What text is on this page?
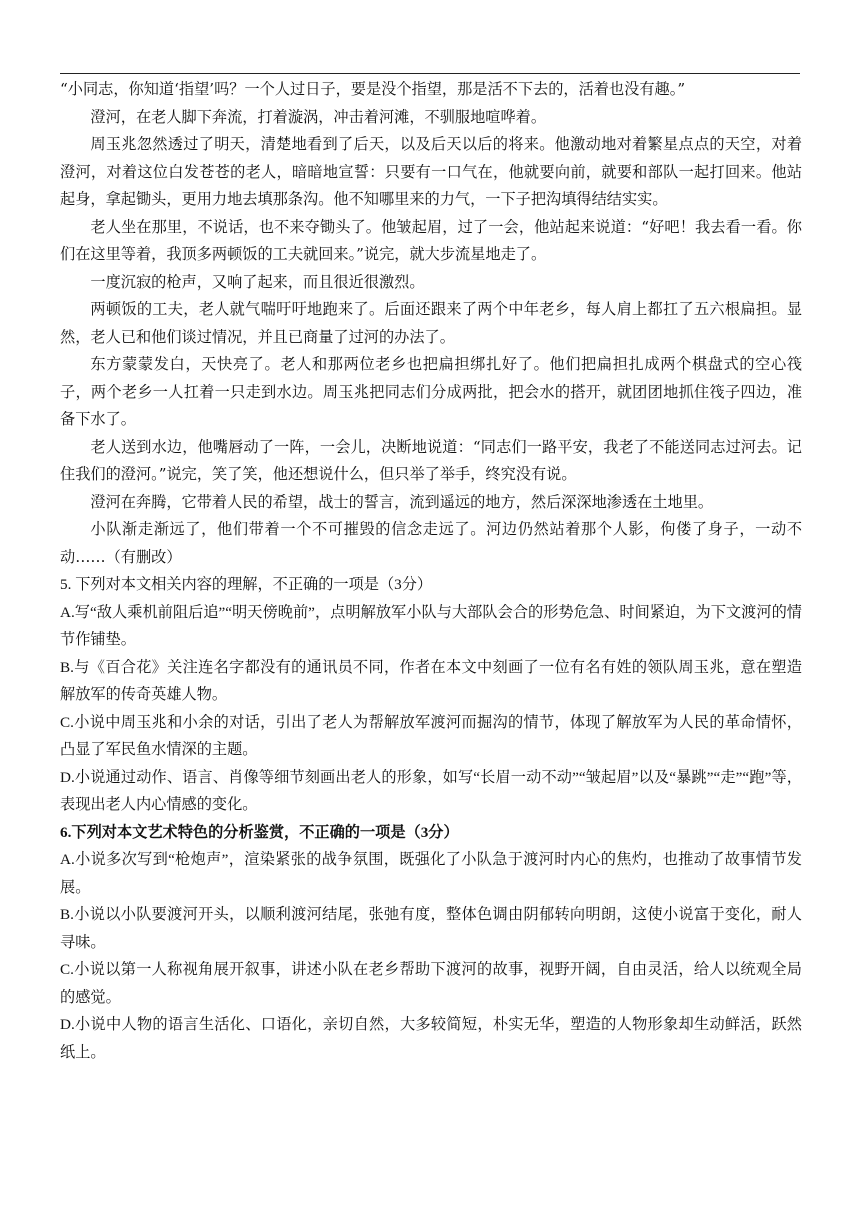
“小同志，你知道‘指望’吗？一个人过日子，要是没个指望，那是活不下去的，活着也没有趣。”

澄河，在老人脚下奔流，打着漩涡，冲击着河滩，不驯服地喧哗着。

周玉兆忽然透过了明天，清楚地看到了后天，以及后天以后的将来。他激动地对着繁星点点的天空，对着澄河，对着这位白发苍苍的老人，暗暗地宣誓：只要有一口气在，他就要向前，就要和部队一起打回来。他站起身，拿起锄头，更用力地去填那条沟。他不知哪里来的力气，一下子把沟填得结结实实。

老人坐在那里，不说话，也不来夺锄头了。他皱起眉，过了一会，他站起来说道：“好吧！我去看一看。你们在这里等着，我顶多两顿饭的工夫就回来。”说完，就大步流星地走了。

一度沉寂的枪声，又响了起来，而且很近很激烈。

两顿饭的工夫，老人就气喘吁吁地跑来了。后面还跟来了两个中年老乡，每人肩上都扛了五六根扁担。显然，老人已和他们谈过情况，并且已商量了过河的办法了。

东方蒙蒙发白，天快亮了。老人和那两位老乡也把扁担绑扎好了。他们把扁担扎成两个棋盘式的空心筏子，两个老乡一人扛着一只走到水边。周玉兆把同志们分成两批，把会水的搭开，就团团地抓住筏子四边，准备下水了。

老人送到水边，他嘴唇动了一阵，一会儿，决断地说道：“同志们一路平安，我老了不能送同志过河去。记住我们的澄河。”说完，笑了笑，他还想说什么，但只举了举手，终究没有说。

澄河在奔腾，它带着人民的希望，战士的誓言，流到遥远的地方，然后深深地渗透在土地里。

小队渐走渐远了，他们带着一个不可摧毁的信念走远了。河边仍然站着那个人影，佝偻了身子，一动不动……（有删改）

5. 下列对本文相关内容的理解，不正确的一项是（3分）

A.写“敌人乘机前阻后追”“明天傍晚前”，点明解放军小队与大部队会合的形势危急、时间紧迫，为下文渡河的情节作铺垫。

B.与《百合花》关注连名字都没有的通讯员不同，作者在本文中刻画了一位有名有姓的领队周玉兆，意在塑造解放军的传奇英雄人物。

C.小说中周玉兆和小余的对话，引出了老人为帮解放军渡河而掘沟的情节，体现了解放军为人民的革命情怀，凸显了军民鱼水情深的主题。

D.小说通过动作、语言、肖像等细节刻画出老人的形象，如写“长眉一动不动”“皱起眉”以及“暴跳”“走”“跑”等，表现出老人内心情感的变化。

6.下列对本文艺术特色的分析鉴赏，不正确的一项是（3分）

A.小说多次写到“枪炮声”，渲染紧张的战争氛围，既强化了小队急于渡河时内心的焦灼，也推动了故事情节发展。

B.小说以小队要渡河开头，以顺利渡河结尾，张弛有度，整体色调由阴郁转向明朗，这使小说富于变化，耐人寻味。

C.小说以第一人称视角展开叙事，讲述小队在老乡帮助下渡河的故事，视野开阔，自由灵活，给人以统观全局的感觉。

D.小说中人物的语言生活化、口语化，亲切自然，大多较简短，朴实无华，塑造的人物形象却生动鲜活，跃然纸上。
